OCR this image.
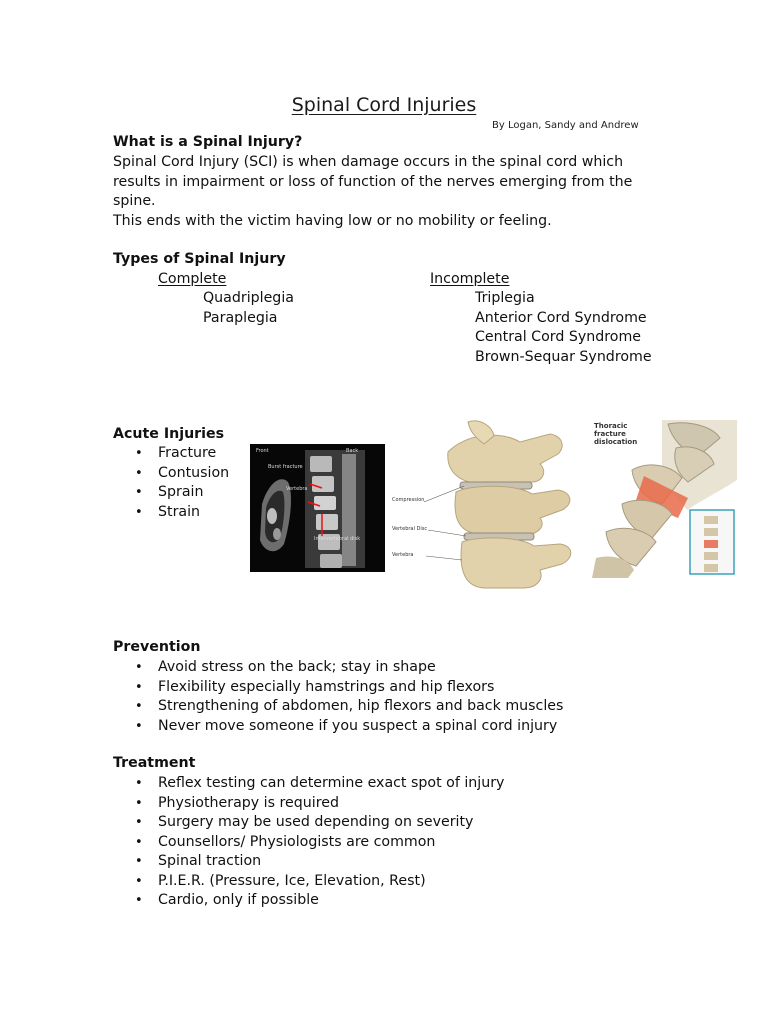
Spinal Cord Injuries
By Logan, Sandy and Andrew
What is a Spinal Injury?

Spinal Cord Injury (SCI) is when damage occurs in the spinal cord which results in impairment or loss of function of the nerves emerging from the spine.

This ends with the victim having low or no mobility or feeling.

Types of Spinal Injury
Complete
Quadriplegia
Paraplegia
Incomplete
Triplegia
Anterior Cord Syndrome
Central Cord Syndrome
Brown-Sequar Syndrome
Acute Injuries
• Fracture
• Contusion
• Sprain
• Strain
Front	Back
Burst fracture
Vertebra
Intervertebral disk
Compression
Vertebral Disc
Vertebra
Thoracic
fracture
dislocation
Prevention
• Avoid stress on the back; stay in shape
• Flexibility especially hamstrings and hip flexors
• Strengthening of abdomen, hip flexors and back muscles
• Never move someone if you suspect a spinal cord injury
Treatment
• Reflex testing can determine exact spot of injury
• Physiotherapy is required
• Surgery may be used depending on severity
• Counsellors/ Physiologists are common
• Spinal traction
• P.I.E.R. (Pressure, Ice, Elevation, Rest)
• Cardio, only if possible
